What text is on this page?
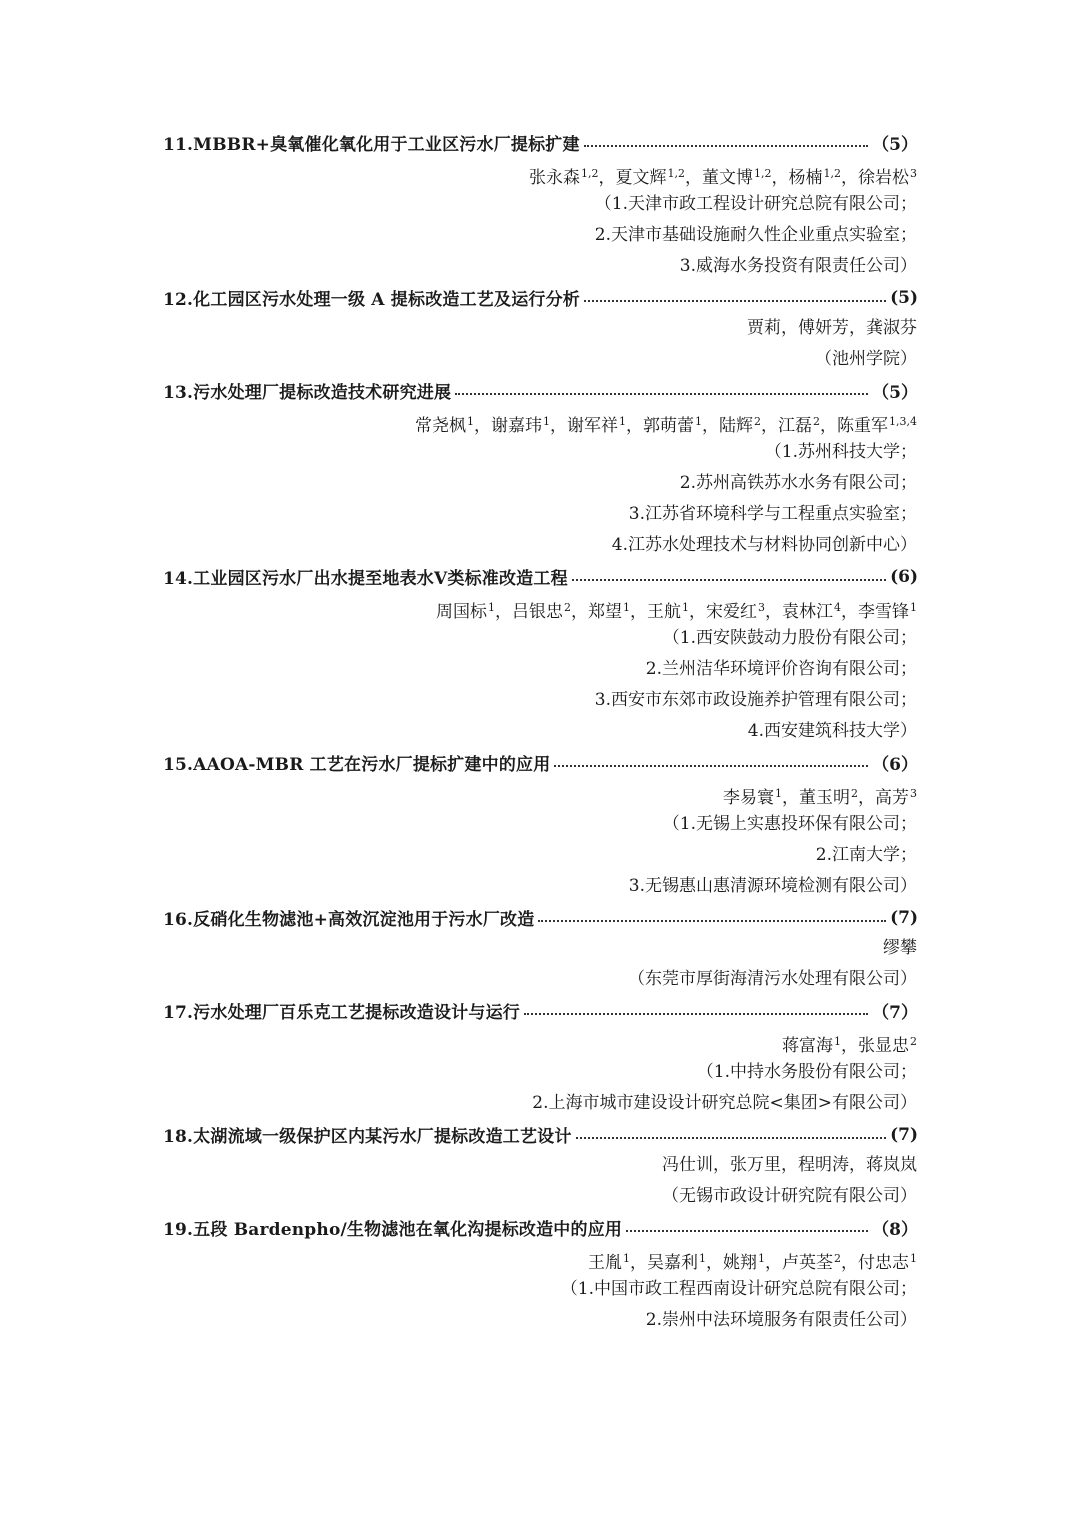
11.MBBR+臭氧催化氧化用于工业区污水厂提标扩建	（5）
张永森$^{1,2}$，夏文辉$^{1,2}$，董文博$^{1,2}$，杨楠$^{1,2}$，徐岩松$^3$
（1.天津市政工程设计研究总院有限公司；
2.天津市基础设施耐久性企业重点实验室；
3.威海水务投资有限责任公司）
12.化工园区污水处理一级 A 提标改造工艺及运行分析	(5)
贾莉，傅妍芳，龚淑芬
（池州学院）
13.污水处理厂提标改造技术研究进展	（5）
常尧枫$^1$，谢嘉玮$^1$，谢军祥$^1$，郭萌蕾$^1$，陆辉$^2$，江磊$^2$，陈重军$^{1,3,4}$
（1.苏州科技大学；
2.苏州高铁苏水水务有限公司；
3.江苏省环境科学与工程重点实验室；
4.江苏水处理技术与材料协同创新中心）
14.工业园区污水厂出水提至地表水Ⅴ类标准改造工程	(6)
周国标$^1$，吕银忠$^2$，郑望$^1$，王航$^1$，宋爱红$^3$，袁林江$^4$，李雪锋$^1$
（1.西安陕鼓动力股份有限公司；
2.兰州洁华环境评价咨询有限公司；
3.西安市东郊市政设施养护管理有限公司；
4.西安建筑科技大学）
15.AAOA-MBR 工艺在污水厂提标扩建中的应用	（6）
李易寰$^1$，董玉明$^2$，高芳$^3$
（1.无锡上实惠投环保有限公司；
2.江南大学；
3.无锡惠山惠清源环境检测有限公司）
16.反硝化生物滤池+高效沉淀池用于污水厂改造	(7)
缪攀
（东莞市厚街海清污水处理有限公司）
17.污水处理厂百乐克工艺提标改造设计与运行	（7）
蒋富海$^1$，张显忠$^2$
（1.中持水务股份有限公司；
2.上海市城市建设设计研究总院<集团>有限公司）
18.太湖流域一级保护区内某污水厂提标改造工艺设计	(7)
冯仕训，张万里，程明涛，蒋岚岚
（无锡市政设计研究院有限公司）
19.五段 Bardenpho/生物滤池在氧化沟提标改造中的应用	（8）
王胤$^1$，吴嘉利$^1$，姚翔$^1$，卢英荃$^2$，付忠志$^1$
（1.中国市政工程西南设计研究总院有限公司；
2.崇州中法环境服务有限责任公司）
